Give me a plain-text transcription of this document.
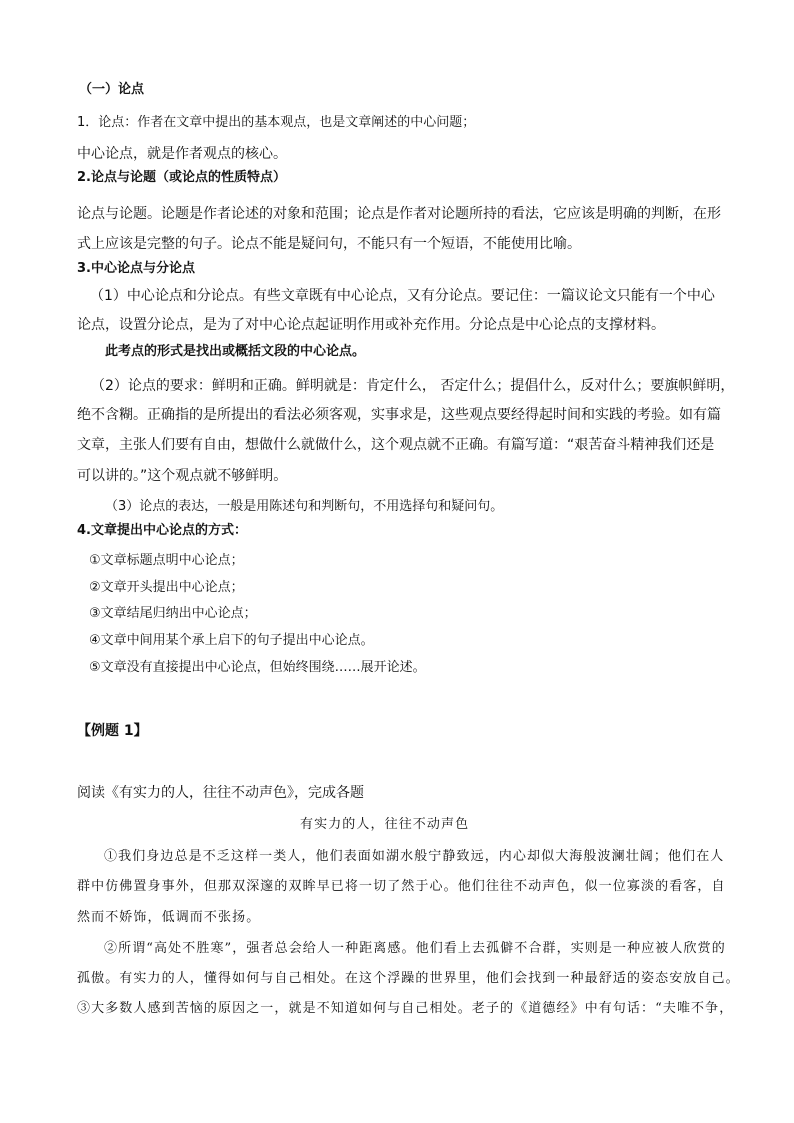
（一）论点
1．论点：作者在文章中提出的基本观点，也是文章阐述的中心问题；
中心论点，就是作者观点的核心。
2.论点与论题（或论点的性质特点）
论点与论题。论题是作者论述的对象和范围；论点是作者对论题所持的看法，它应该是明确的判断，在形
式上应该是完整的句子。论点不能是疑问句，不能只有一个短语，不能使用比喻。
3.中心论点与分论点
（1）中心论点和分论点。有些文章既有中心论点，又有分论点。要记住：一篇议论文只能有一个中心
论点，设置分论点，是为了对中心论点起证明作用或补充作用。分论点是中心论点的支撑材料。
此考点的形式是找出或概括文段的中心论点。
（2）论点的要求：鲜明和正确。鲜明就是：肯定什么， 否定什么；提倡什么，反对什么；要旗帜鲜明，
绝不含糊。正确指的是所提出的看法必须客观，实事求是，这些观点要经得起时间和实践的考验。如有篇
文章，主张人们要有自由，想做什么就做什么，这个观点就不正确。有篇写道：“艰苦奋斗精神我们还是
可以讲的。”这个观点就不够鲜明。
（3）论点的表达，一般是用陈述句和判断句，不用选择句和疑问句。
4.文章提出中心论点的方式：
①文章标题点明中心论点；
②文章开头提出中心论点；
③文章结尾归纳出中心论点；
④文章中间用某个承上启下的句子提出中心论点。
⑤文章没有直接提出中心论点，但始终围绕……展开论述。
【例题 1】
阅读《有实力的人，往往不动声色》，完成各题
有实力的人，往往不动声色
①我们身边总是不乏这样一类人，他们表面如湖水般宁静致远，内心却似大海般波澜壮阔；他们在人
群中仿佛置身事外，但那双深邃的双眸早已将一切了然于心。他们往往不动声色，似一位寡淡的看客，自
然而不娇饰，低调而不张扬。
②所谓“高处不胜寒”，强者总会给人一种距离感。他们看上去孤僻不合群，实则是一种应被人欣赏的
孤傲。有实力的人，懂得如何与自己相处。在这个浮躁的世界里，他们会找到一种最舒适的姿态安放自己。
③大多数人感到苦恼的原因之一，就是不知道如何与自己相处。老子的《道德经》中有句话：“夫唯不争，
